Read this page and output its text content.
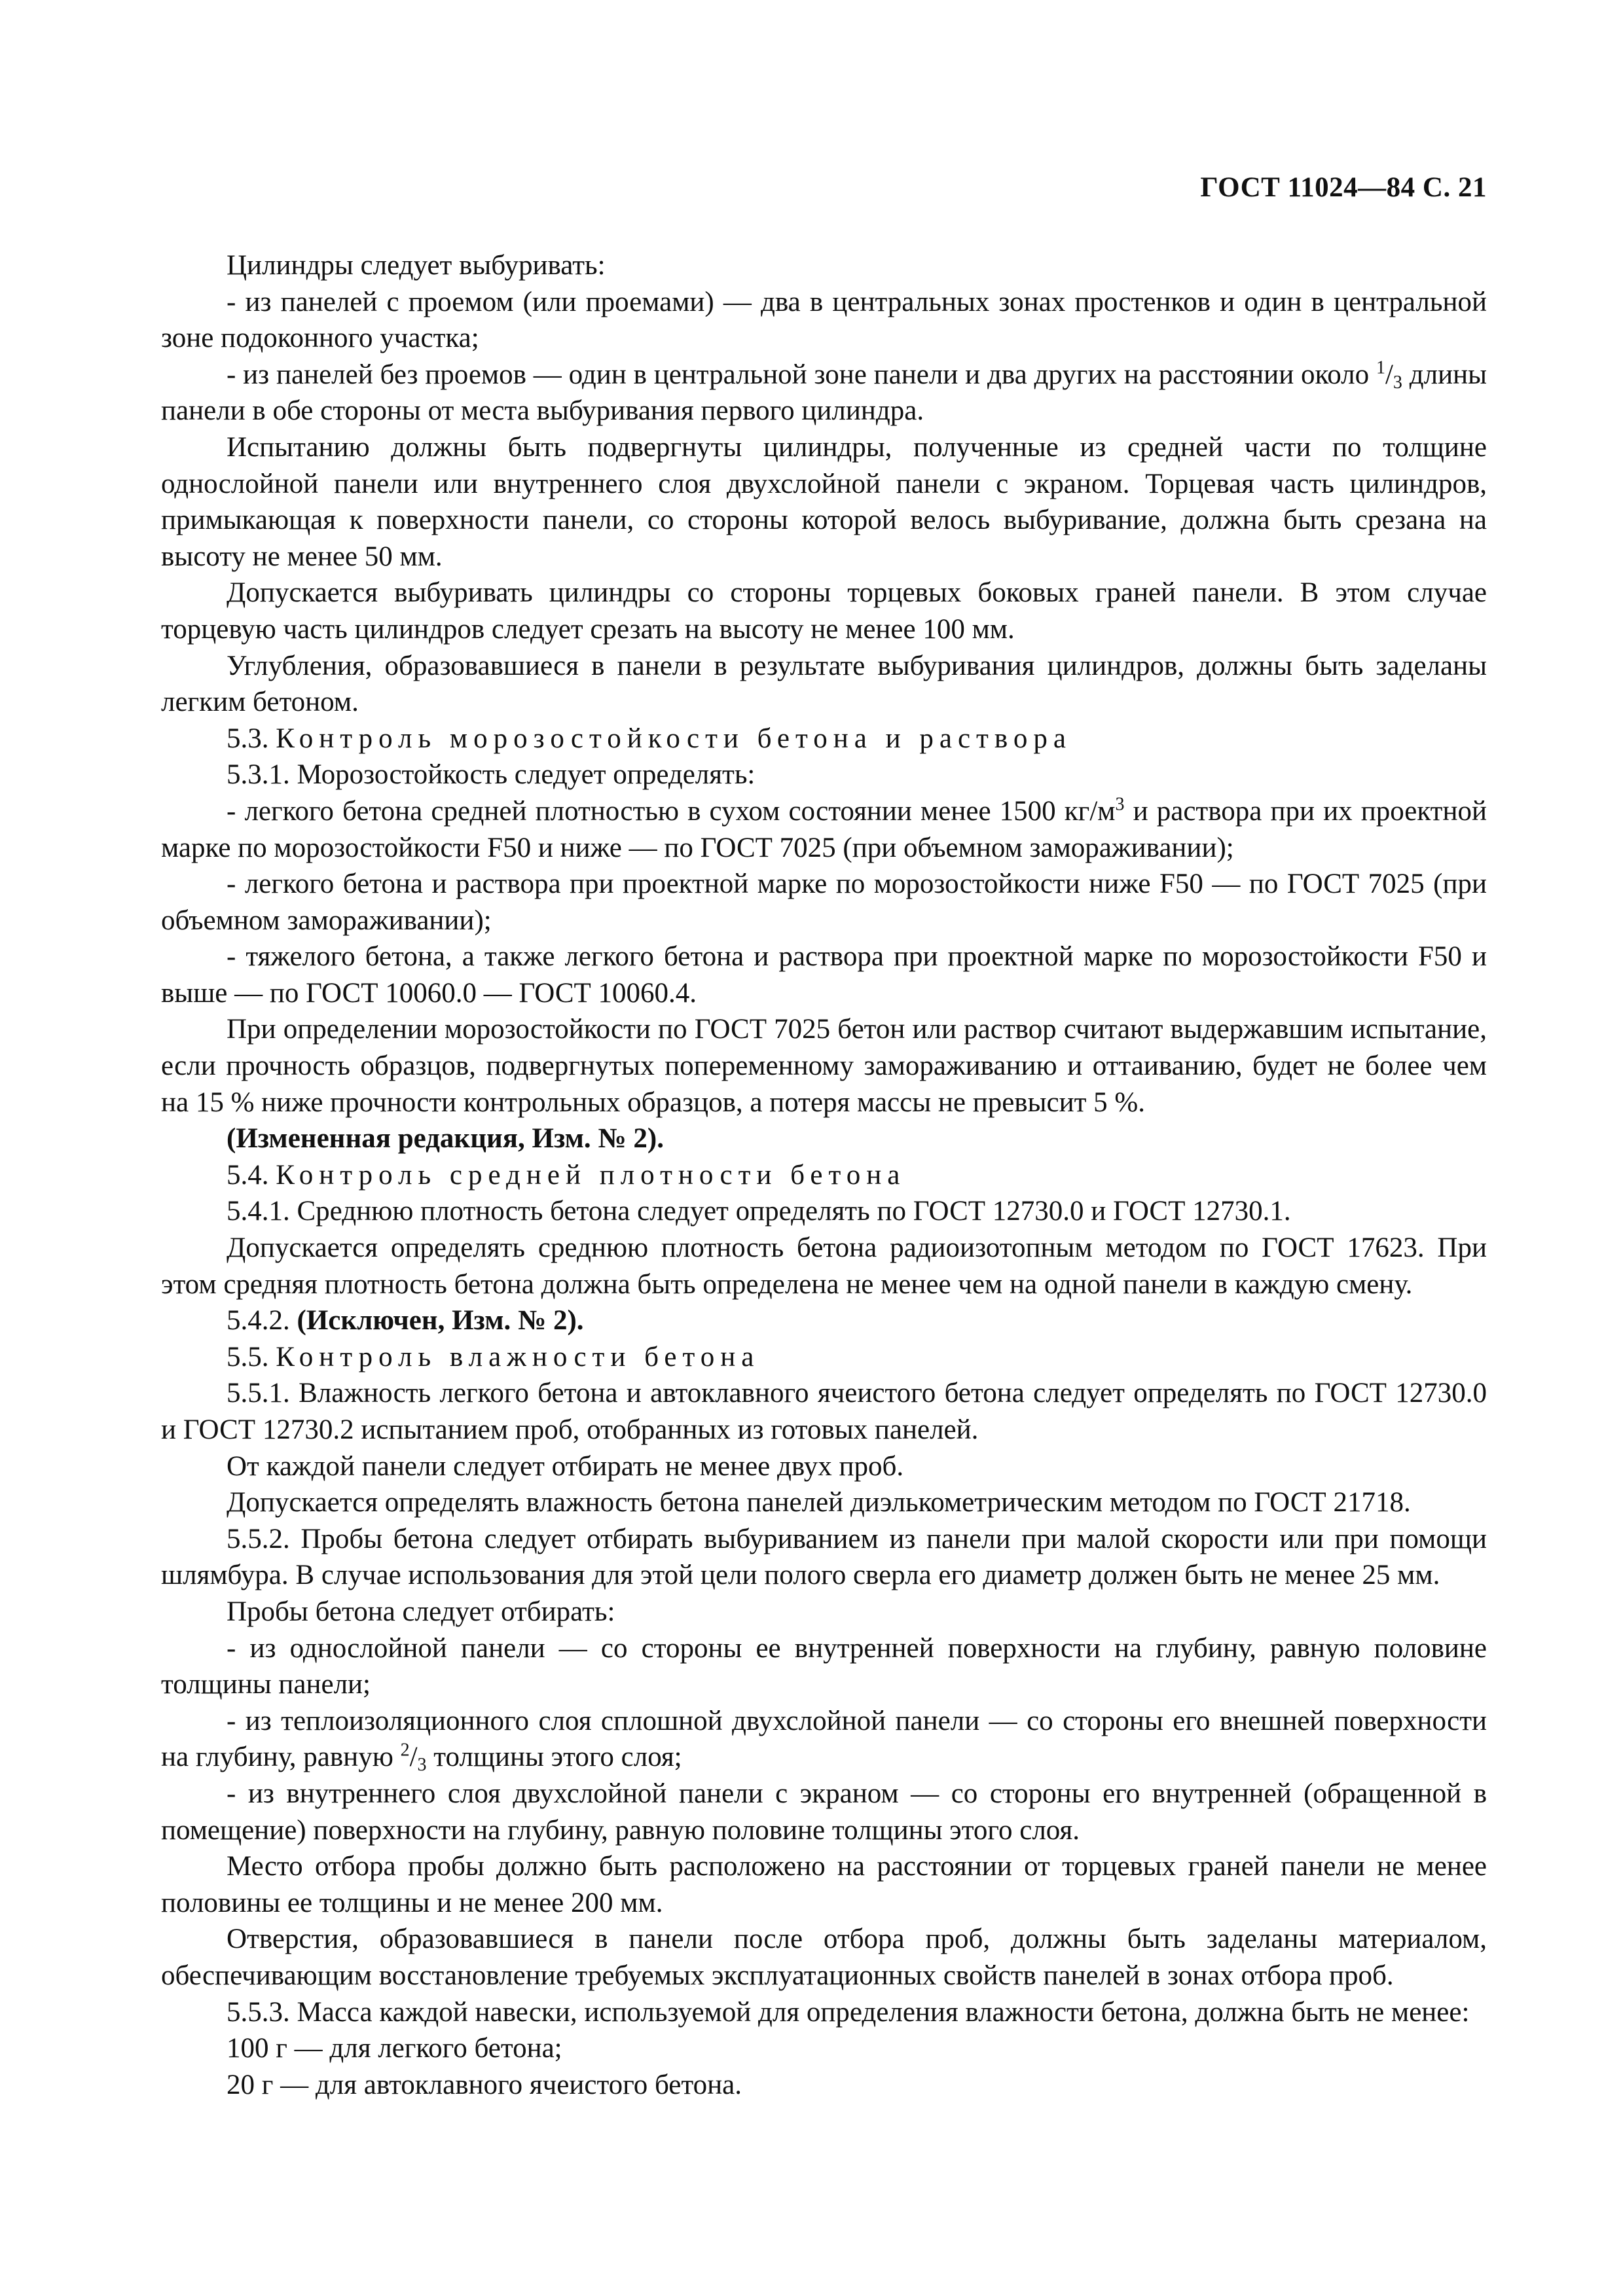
ГОСТ 11024—84 С. 21

Цилиндры следует выбуривать:

- из панелей с проемом (или проемами) — два в центральных зонах простенков и один в центральной зоне подоконного участка;

- из панелей без проемов — один в центральной зоне панели и два других на расстоянии около $^1/_3$ длины панели в обе стороны от места выбуривания первого цилиндра.

Испытанию должны быть подвергнуты цилиндры, полученные из средней части по толщине однослойной панели или внутреннего слоя двухслойной панели с экраном. Торцевая часть цилиндров, примыкающая к поверхности панели, со стороны которой велось выбуривание, должна быть срезана на высоту не менее 50 мм.

Допускается выбуривать цилиндры со стороны торцевых боковых граней панели. В этом случае торцевую часть цилиндров следует срезать на высоту не менее 100 мм.

Углубления, образовавшиеся в панели в результате выбуривания цилиндров, должны быть заделаны легким бетоном.

5.3. Контроль морозостойкости бетона и раствора

5.3.1. Морозостойкость следует определять:

- легкого бетона средней плотностью в сухом состоянии менее 1500 $кг/м^3$ и раствора при их проектной марке по морозостойкости F50 и ниже — по ГОСТ 7025 (при объемном замораживании);

- легкого бетона и раствора при проектной марке по морозостойкости ниже F50 — по ГОСТ 7025 (при объемном замораживании);

- тяжелого бетона, а также легкого бетона и раствора при проектной марке по морозостойкости F50 и выше — по ГОСТ 10060.0 — ГОСТ 10060.4.

При определении морозостойкости по ГОСТ 7025 бетон или раствор считают выдержавшим испытание, если прочность образцов, подвергнутых попеременному замораживанию и оттаиванию, будет не более чем на 15 % ниже прочности контрольных образцов, а потеря массы не превысит 5 %.

(Измененная редакция, Изм. № 2).

5.4. Контроль средней плотности бетона

5.4.1. Среднюю плотность бетона следует определять по ГОСТ 12730.0 и ГОСТ 12730.1.

Допускается определять среднюю плотность бетона радиоизотопным методом по ГОСТ 17623. При этом средняя плотность бетона должна быть определена не менее чем на одной панели в каждую смену.

5.4.2. (Исключен, Изм. № 2).

5.5. Контроль влажности бетона

5.5.1. Влажность легкого бетона и автоклавного ячеистого бетона следует определять по ГОСТ 12730.0 и ГОСТ 12730.2 испытанием проб, отобранных из готовых панелей.

От каждой панели следует отбирать не менее двух проб.

Допускается определять влажность бетона панелей диэлькометрическим методом по ГОСТ 21718.

5.5.2. Пробы бетона следует отбирать выбуриванием из панели при малой скорости или при помощи шлямбура. В случае использования для этой цели полого сверла его диаметр должен быть не менее 25 мм.

Пробы бетона следует отбирать:

- из однослойной панели — со стороны ее внутренней поверхности на глубину, равную половине толщины панели;

- из теплоизоляционного слоя сплошной двухслойной панели — со стороны его внешней поверхности на глубину, равную $^2/_3$ толщины этого слоя;

- из внутреннего слоя двухслойной панели с экраном — со стороны его внутренней (обращенной в помещение) поверхности на глубину, равную половине толщины этого слоя.

Место отбора пробы должно быть расположено на расстоянии от торцевых граней панели не менее половины ее толщины и не менее 200 мм.

Отверстия, образовавшиеся в панели после отбора проб, должны быть заделаны материалом, обеспечивающим восстановление требуемых эксплуатационных свойств панелей в зонах отбора проб.

5.5.3. Масса каждой навески, используемой для определения влажности бетона, должна быть не менее:

100 г — для легкого бетона;

20 г — для автоклавного ячеистого бетона.
